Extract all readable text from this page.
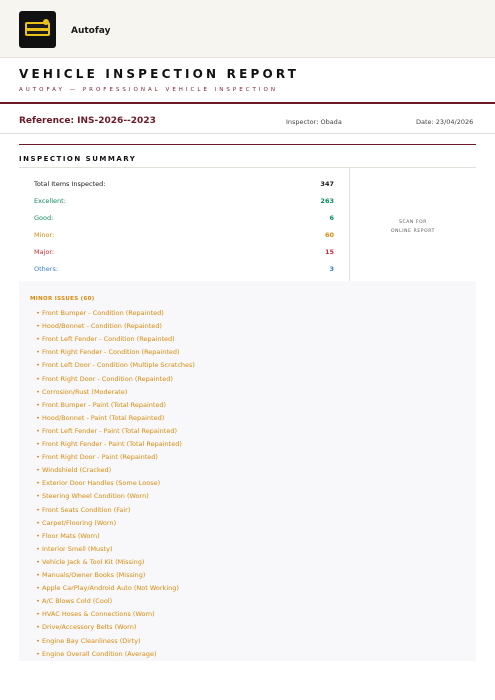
Autofay
VEHICLE INSPECTION REPORT
AUTOFAY — PROFESSIONAL VEHICLE INSPECTION
Reference: INS-2026--2023	Inspector: Obada	Date: 23/04/2026
INSPECTION SUMMARY
Total Items Inspected:	347
Excellent:	263
Good:	6
Minor:	60
Major:	15
Others:	3
SCAN FOR
ONLINE REPORT
MINOR ISSUES (60)
• Front Bumper - Condition (Repainted)
• Hood/Bonnet - Condition (Repainted)
• Front Left Fender - Condition (Repainted)
• Front Right Fender - Condition (Repainted)
• Front Left Door - Condition (Multiple Scratches)
• Front Right Door - Condition (Repainted)
• Corrosion/Rust (Moderate)
• Front Bumper - Paint (Total Repainted)
• Hood/Bonnet - Paint (Total Repainted)
• Front Left Fender - Paint (Total Repainted)
• Front Right Fender - Paint (Total Repainted)
• Front Right Door - Paint (Repainted)
• Windshield (Cracked)
• Exterior Door Handles (Some Loose)
• Steering Wheel Condition (Worn)
• Front Seats Condition (Fair)
• Carpet/Flooring (Worn)
• Floor Mats (Worn)
• Interior Smell (Musty)
• Vehicle Jack & Tool Kit (Missing)
• Manuals/Owner Books (Missing)
• Apple CarPlay/Android Auto (Not Working)
• A/C Blows Cold (Cool)
• HVAC Hoses & Connections (Worn)
• Drive/Accessory Belts (Worn)
• Engine Bay Cleanliness (Dirty)
• Engine Overall Condition (Average)
